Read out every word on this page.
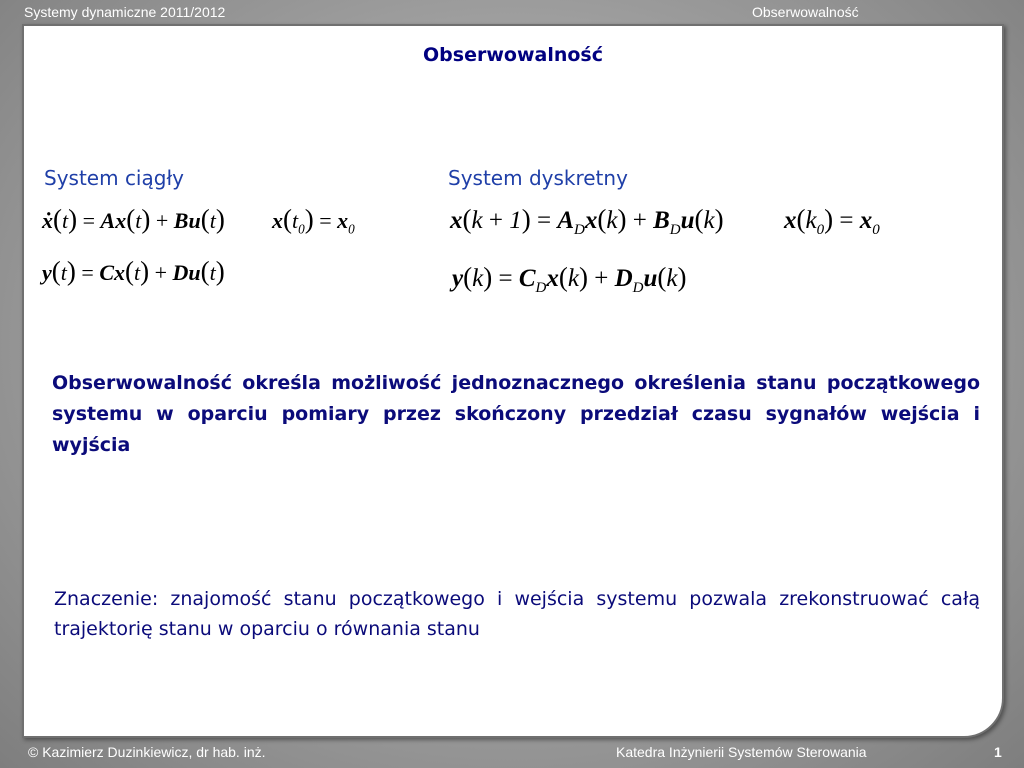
Systemy dynamiczne 2011/2012	Obserwowalność
Obserwowalność
System ciągły	System dyskretny
ẋ(t) = Ax(t) + Bu(t) $x(t_0) = x_0$
y(t) = Cx(t) + Du(t)
$x(k + 1) = A_Dx(k) + B_Du(k) x(k_0) = x_0$
$y(k) = C_Dx(k) + D_Du(k)$
Obserwowalność określa możliwość jednoznacznego określenia stanu początkowego systemu w oparciu pomiary przez skończony przedział czasu sygnałów wejścia i wyjścia
Znaczenie: znajomość stanu początkowego i wejścia systemu pozwala zrekonstruować całą trajektorię stanu w oparciu o równania stanu
© Kazimierz Duzinkiewicz, dr hab. inż.	Katedra Inżynierii Systemów Sterowania	1
